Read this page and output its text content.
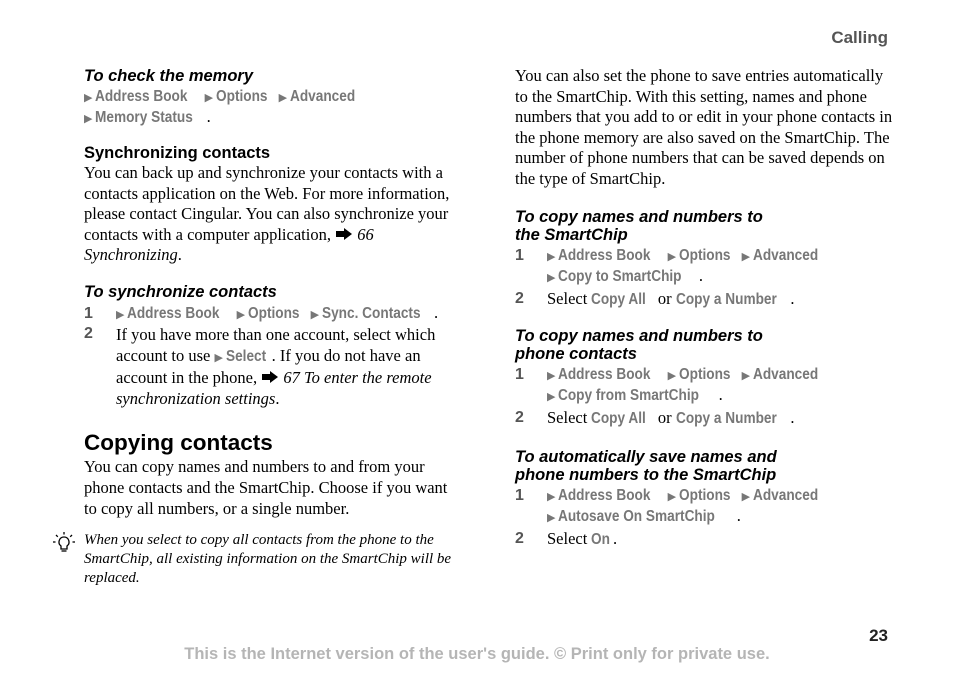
Calling
To check the memory
▶ Address Book ▶ Options ▶ Advanced
▶ Memory Status .
Synchronizing contacts

You can back up and synchronize your contacts with a contacts application on the Web. For more information, please contact Cingular. You can also synchronize your contacts with a computer application, 66 Synchronizing.

To synchronize contacts
1 ▶ Address Book ▶ Options ▶ Sync. Contacts .
2 If you have more than one account, select which account to use ▶ Select . If you do not have an account in the phone, 67 To enter the remote synchronization settings.

Copying contacts

You can copy names and numbers to and from your phone contacts and the SmartChip. Choose if you want to copy all numbers, or a single number.

When you select to copy all contacts from the phone to the SmartChip, all existing information on the SmartChip will be replaced.

You can also set the phone to save entries automatically to the SmartChip. With this setting, names and phone numbers that you add to or edit in your phone contacts in the phone memory are also saved on the SmartChip. The number of phone numbers that can be saved depends on the type of SmartChip.

To copy names and numbers to
the SmartChip
1 ▶ Address Book ▶ Options ▶ Advanced
▶ Copy to SmartChip .
2 Select Copy All or Copy a Number .
To copy names and numbers to
phone contacts
1 ▶ Address Book ▶ Options ▶ Advanced
▶ Copy from SmartChip .
2 Select Copy All or Copy a Number .
To automatically save names and
phone numbers to the SmartChip
1 ▶ Address Book ▶ Options ▶ Advanced
▶ Autosave On SmartChip .
2 Select On .
23
This is the Internet version of the user's guide. © Print only for private use.
